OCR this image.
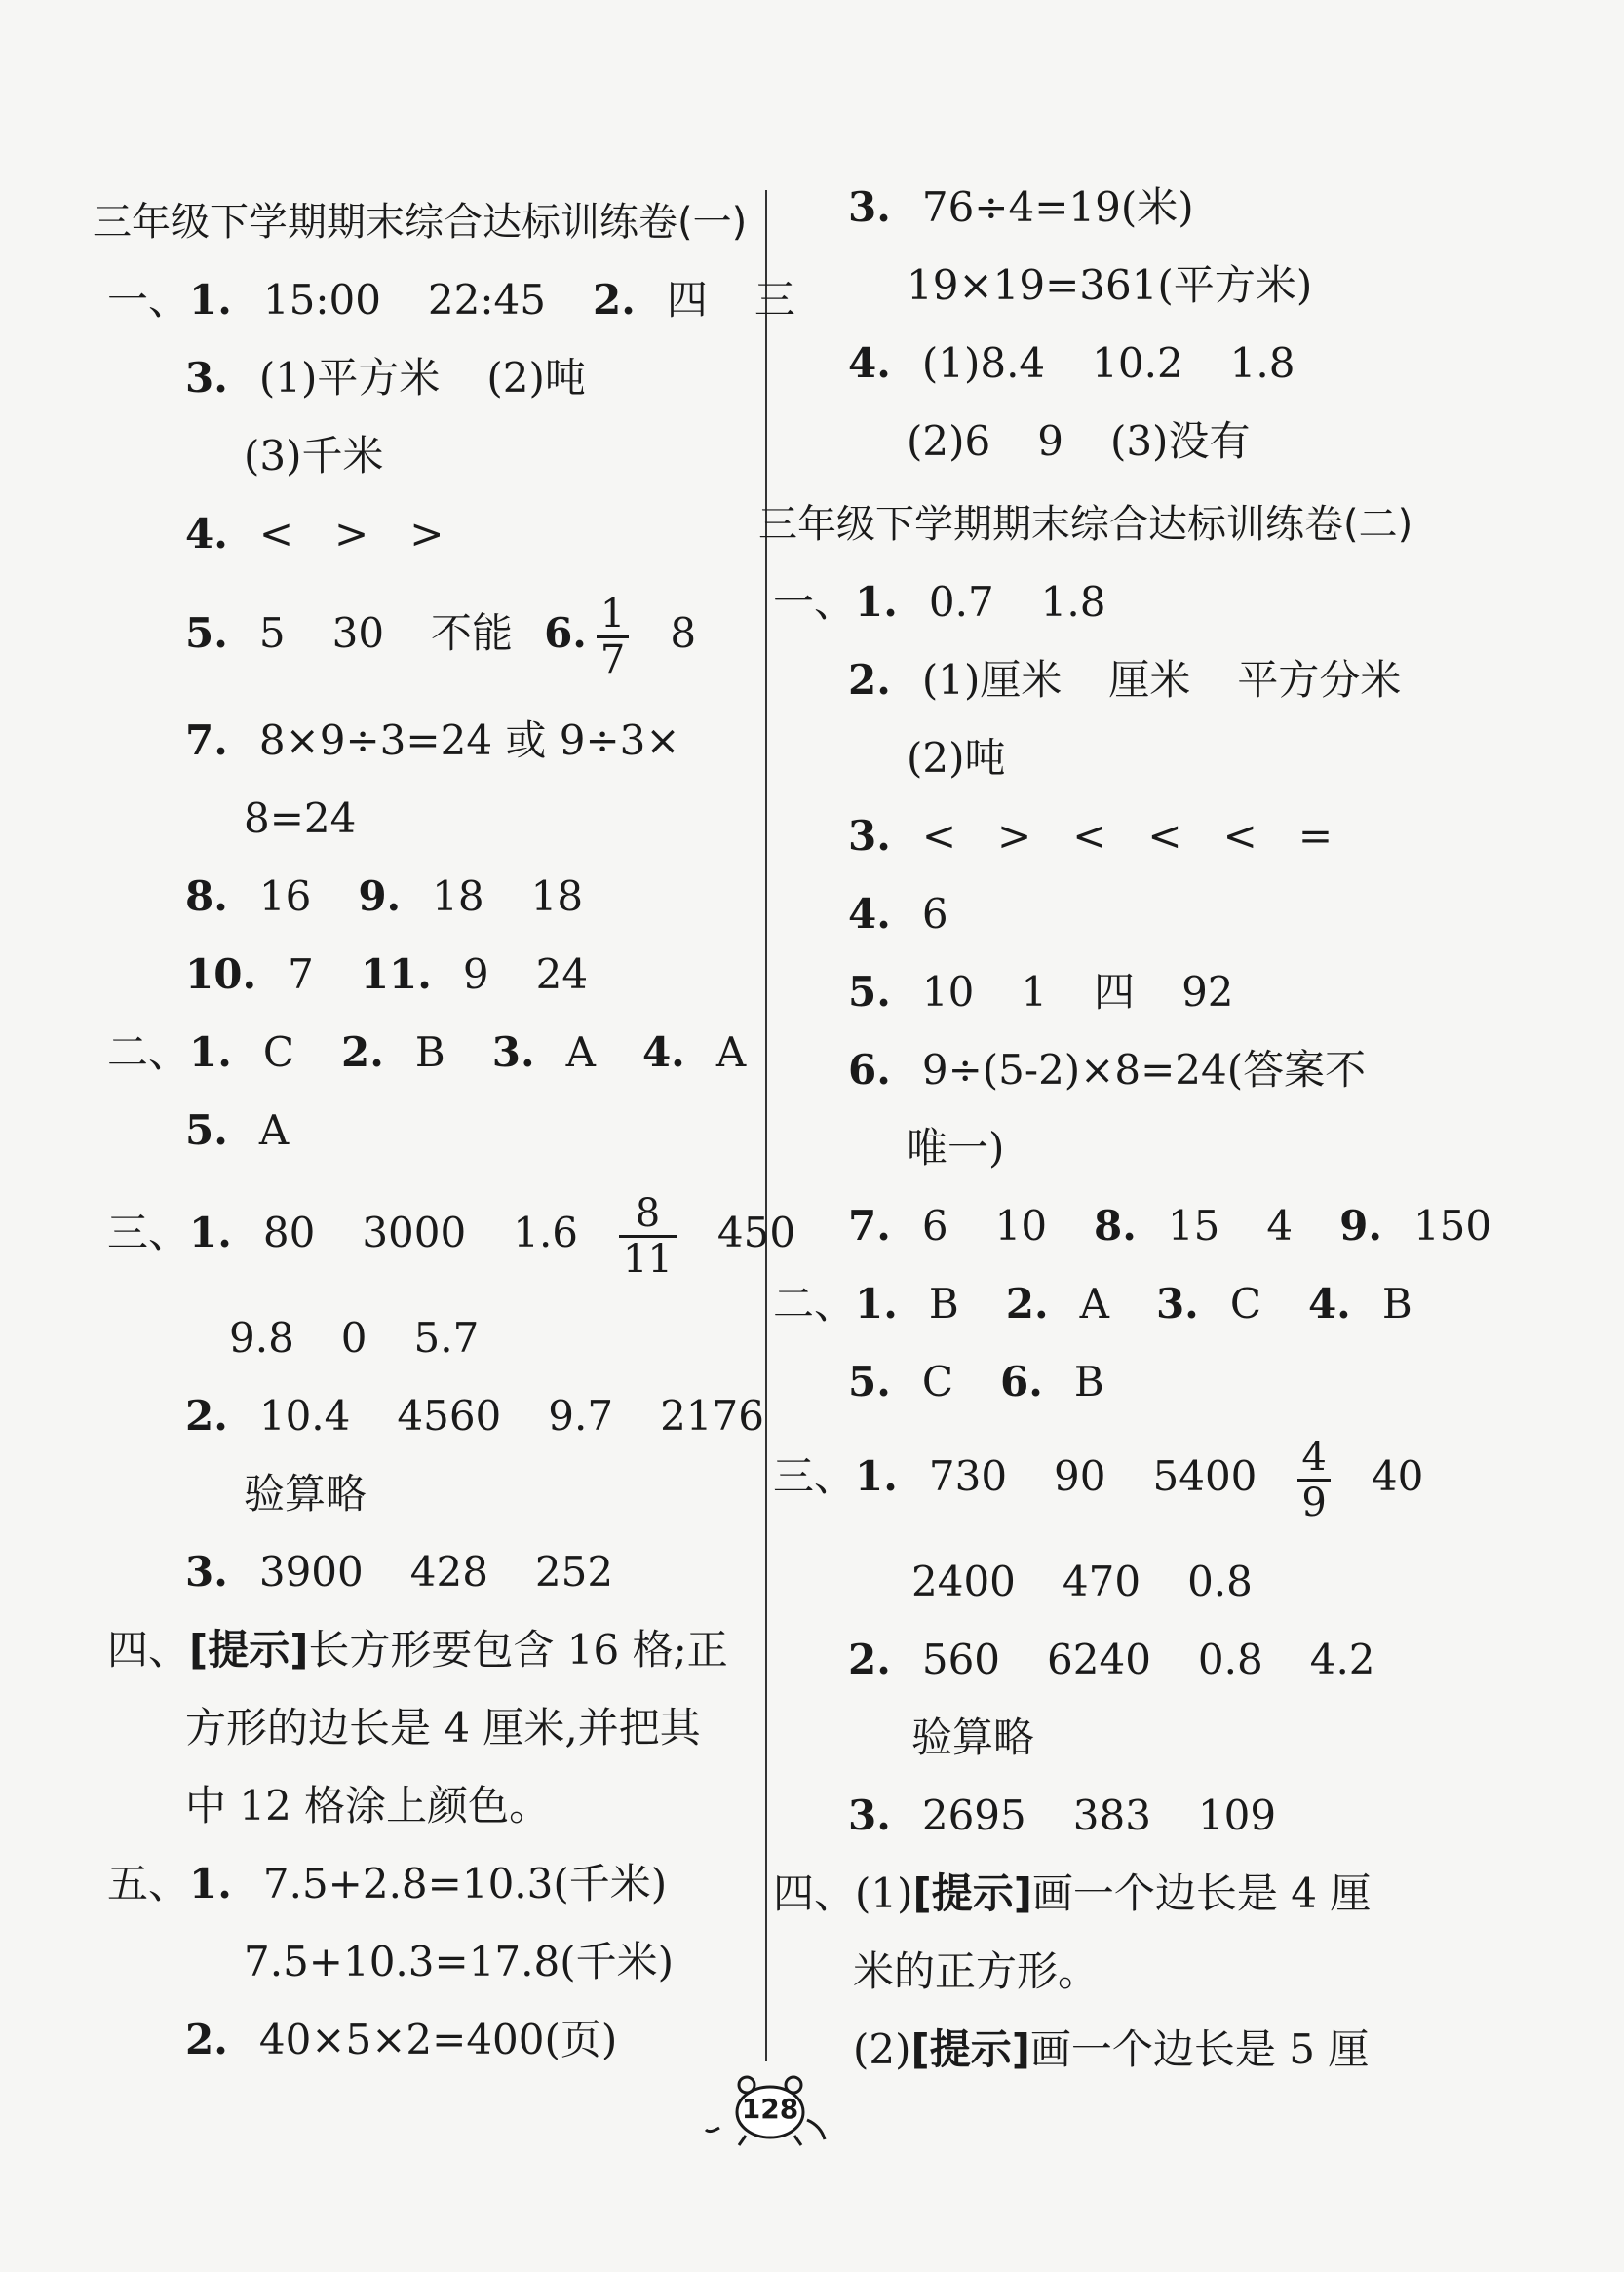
三年级下学期期末综合达标训练卷(一)
一、1. 15:00 22:45 2. 四 三
3. (1)平方米 (2)吨
(3)千米
4. <　>　>
5. 5 30 不能 6. $\frac{1}{7} 8$
7. 8×9÷3=24 或 9÷3×
8=24
8. 16 9. 18 18
10. 7 11. 9 24
二、1. C 2. B 3. A 4. A
5. A
三、1. 80 3000 $1.6 \frac{8}{11} 450$
9.8 0 5.7
2. 10.4 4560 9.7 2176
验算略
3. 3900 428 252
四、[提示]长方形要包含 16 格;正
方形的边长是 4 厘米,并把其
中 12 格涂上颜色。
五、1. 7.5+2.8=10.3(千米)
7.5+10.3=17.8(千米)
2. 40×5×2=400(页)
3. 76÷4=19(米)
19×19=361(平方米)
4. (1)8.4 10.2 1.8
(2)6 9 (3)没有
三年级下学期期末综合达标训练卷(二)
一、1. 0.7 1.8
2. (1)厘米 厘米 平方分米
(2)吨
3. <　>　<　<　<　=
4. 6
5. 10 1 四 92
6. 9÷(5-2)×8=24(答案不
唯一)
7. 6 10 8. 15 4 9. 150
二、1. B 2. A 3. C 4. B
5. C 6. B
三、1. 730 90 $5400 \frac{4}{9} 40$
2400 470 0.8
2. 560 6240 0.8 4.2
验算略
3. 2695 383 109
四、(1)[提示]画一个边长是 4 厘
米的正方形。
(2)[提示]画一个边长是 5 厘
128
